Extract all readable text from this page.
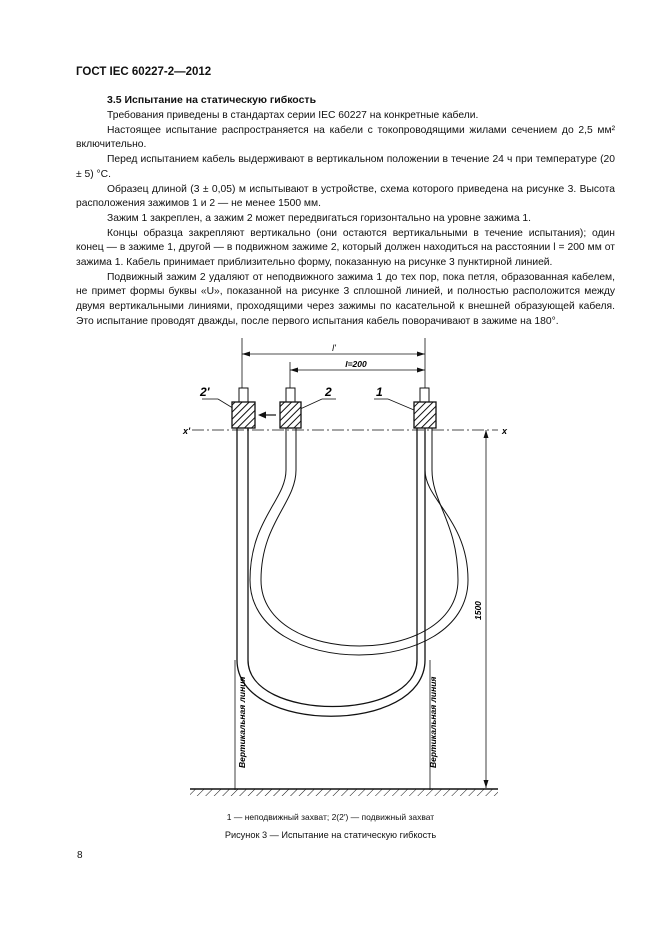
ГОСТ IEC 60227-2—2012
3.5 Испытание на статическую гибкость

Требования приведены в стандартах серии IEC 60227 на конкретные кабели.

Настоящее испытание распространяется на кабели с токопроводящими жилами сечением до 2,5 мм² включительно.

Перед испытанием кабель выдерживают в вертикальном положении в течение 24 ч при температуре (20 ± 5) °С.

Образец длиной (3 ± 0,05) м испытывают в устройстве, схема которого приведена на рисунке 3. Высота расположения зажимов 1 и 2 — не менее 1500 мм.

Зажим 1 закреплен, а зажим 2 может передвигаться горизонтально на уровне зажима 1.

Концы образца закрепляют вертикально (они остаются вертикальными в течение испытания); один конец — в зажиме 1, другой — в подвижном зажиме 2, который должен находиться на расстоянии l = 200 мм от зажима 1. Кабель принимает приблизительно форму, показанную на рисунке 3 пунктирной линией.

Подвижный зажим 2 удаляют от неподвижного зажима 1 до тех пор, пока петля, образованная кабелем, не примет формы буквы «U», показанной на рисунке 3 сплошной линией, и полностью расположится между двумя вертикальными линиями, проходящими через зажимы по касательной к внешней образующей кабеля. Это испытание проводят дважды, после первого испытания кабель поворачивают в зажиме на 180°.

l'
l=200
x'	x
2'	2	1
Вертикальная линия	Вертикальная линия
1500
1 — неподвижный захват; 2(2′) — подвижный захват
Рисунок 3 — Испытание на статическую гибкость
8
